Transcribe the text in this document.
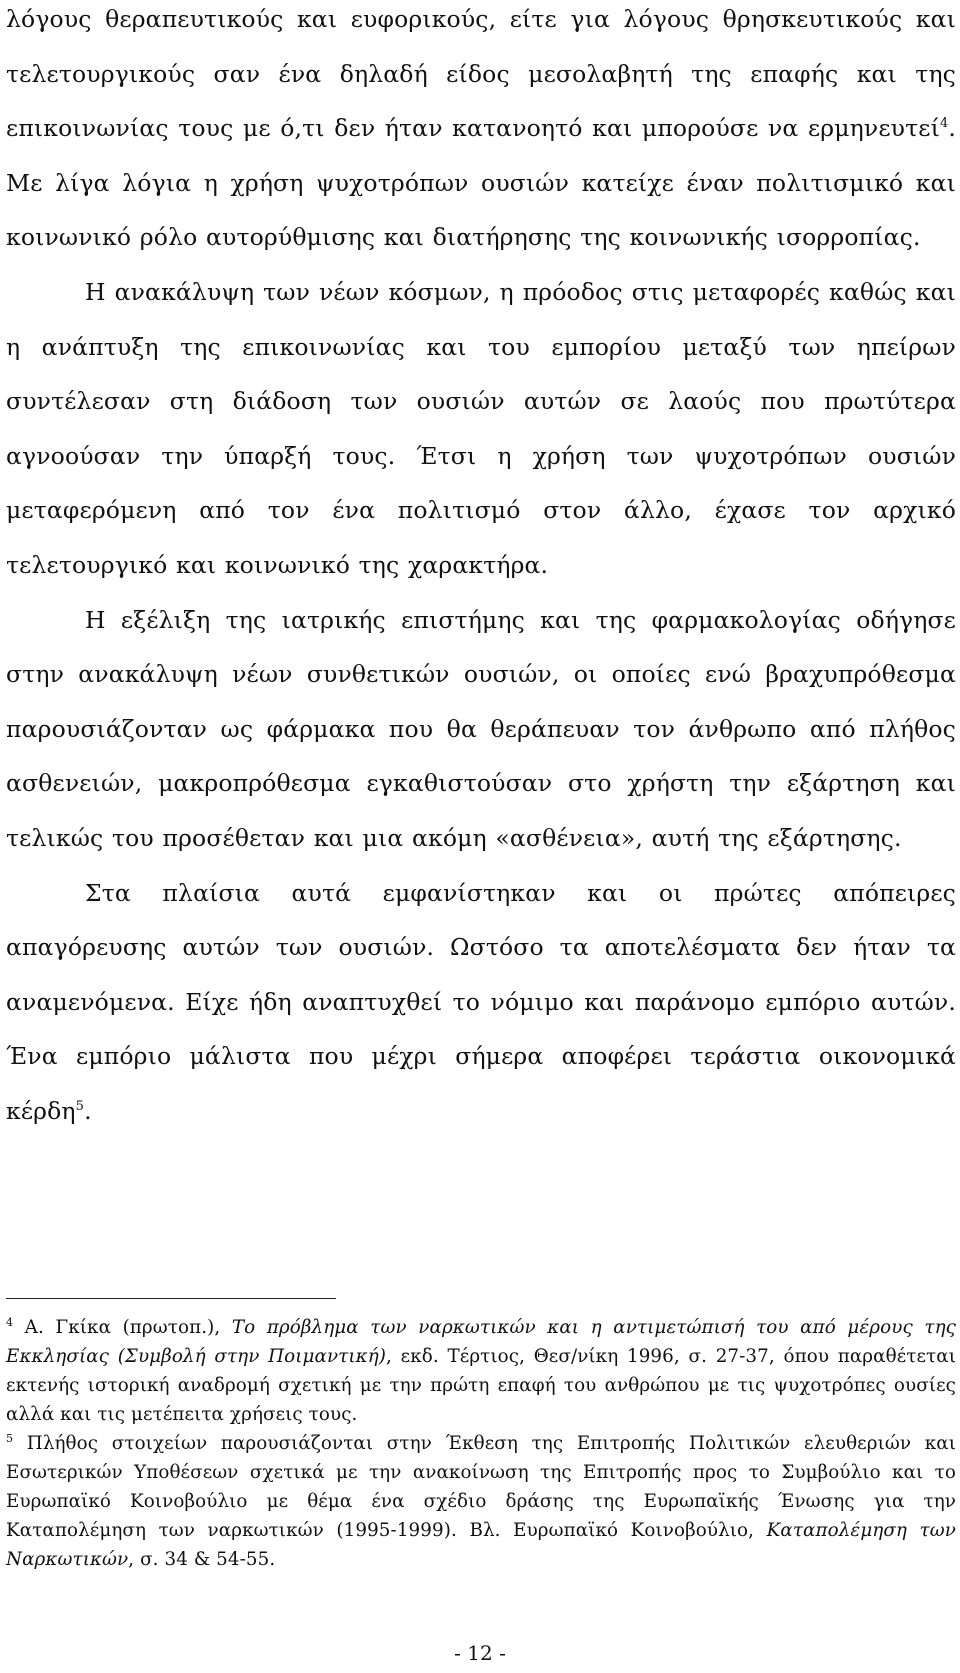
λόγους θεραπευτικούς και ευφορικούς, είτε για λόγους θρησκευτικούς και τελετουργικούς σαν ένα δηλαδή είδος μεσολαβητή της επαφής και της επικοινωνίας τους με ό,τι δεν ήταν κατανοητό και μπορούσε να ερμηνευτεί$^4$. Με λίγα λόγια η χρήση ψυχοτρόπων ουσιών κατείχε έναν πολιτισμικό και κοινωνικό ρόλο αυτορύθμισης και διατήρησης της κοινωνικής ισορροπίας.

Η ανακάλυψη των νέων κόσμων, η πρόοδος στις μεταφορές καθώς και η ανάπτυξη της επικοινωνίας και του εμπορίου μεταξύ των ηπείρων συντέλεσαν στη διάδοση των ουσιών αυτών σε λαούς που πρωτύτερα αγνοούσαν την ύπαρξή τους. Έτσι η χρήση των ψυχοτρόπων ουσιών μεταφερόμενη από τον ένα πολιτισμό στον άλλο, έχασε τον αρχικό τελετουργικό και κοινωνικό της χαρακτήρα.

Η εξέλιξη της ιατρικής επιστήμης και της φαρμακολογίας οδήγησε στην ανακάλυψη νέων συνθετικών ουσιών, οι οποίες ενώ βραχυπρόθεσμα παρουσιάζονταν ως φάρμακα που θα θεράπευαν τον άνθρωπο από πλήθος ασθενειών, μακροπρόθεσμα εγκαθιστούσαν στο χρήστη την εξάρτηση και τελικώς του προσέθεταν και μια ακόμη «ασθένεια», αυτή της εξάρτησης.

Στα πλαίσια αυτά εμφανίστηκαν και οι πρώτες απόπειρες απαγόρευσης αυτών των ουσιών. Ωστόσο τα αποτελέσματα δεν ήταν τα αναμενόμενα. Είχε ήδη αναπτυχθεί το νόμιμο και παράνομο εμπόριο αυτών. Ένα εμπόριο μάλιστα που μέχρι σήμερα αποφέρει τεράστια οικονομικά κέρδη$^5$.

$^4$ Α. Γκίκα (πρωτοπ.), Το πρόβλημα των ναρκωτικών και η αντιμετώπισή του από μέρους της Εκκλησίας (Συμβολή στην Ποιμαντική), εκδ. Τέρτιος, Θεσ/νίκη 1996, σ. 27-37, όπου παραθέτεται εκτενής ιστορική αναδρομή σχετική με την πρώτη επαφή του ανθρώπου με τις ψυχοτρόπες ουσίες αλλά και τις μετέπειτα χρήσεις τους.

$^5$ Πλήθος στοιχείων παρουσιάζονται στην Έκθεση της Επιτροπής Πολιτικών ελευθεριών και Εσωτερικών Υποθέσεων σχετικά με την ανακοίνωση της Επιτροπής προς το Συμβούλιο και το Ευρωπαϊκό Κοινοβούλιο με θέμα ένα σχέδιο δράσης της Ευρωπαϊκής Ένωσης για την Καταπολέμηση των ναρκωτικών (1995-1999). Βλ. Ευρωπαϊκό Κοινοβούλιο, Καταπολέμηση των Ναρκωτικών, σ. 34 & 54-55.

- 12 -
